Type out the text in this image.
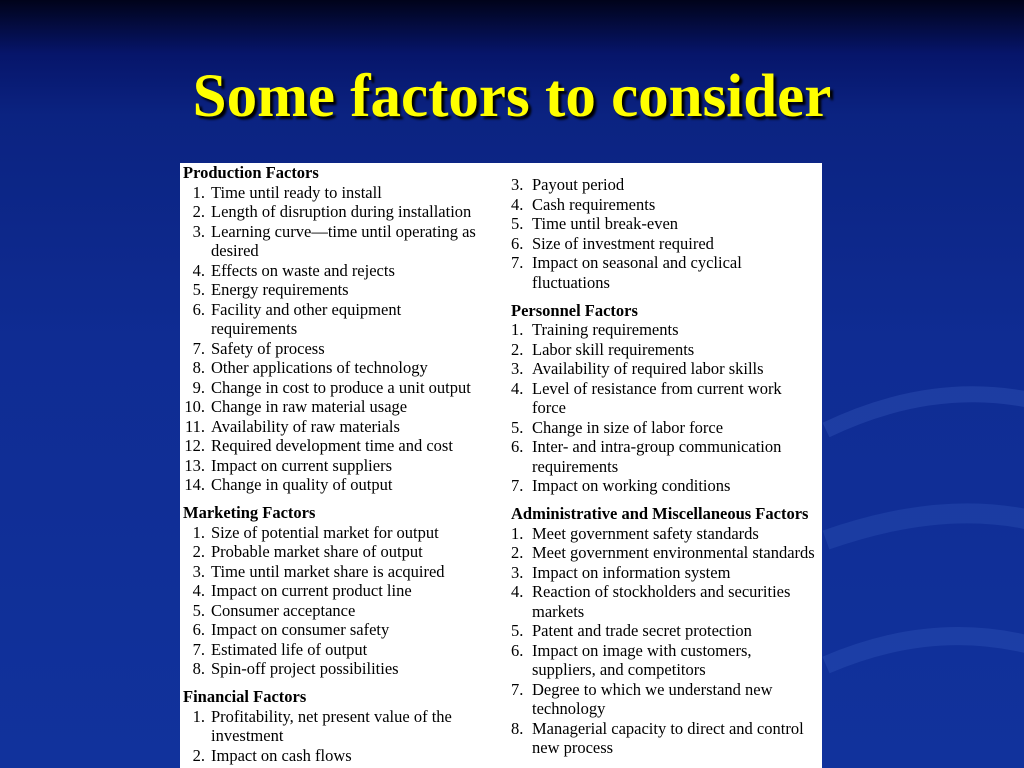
Some factors to consider
Production Factors
1. Time until ready to install
2. Length of disruption during installation
3. Learning curve—time until operating as
desired
4. Effects on waste and rejects
5. Energy requirements
6. Facility and other equipment
requirements
7. Safety of process
8. Other applications of technology
9. Change in cost to produce a unit output
10. Change in raw material usage
11. Availability of raw materials
12. Required development time and cost
13. Impact on current suppliers
14. Change in quality of output
Marketing Factors
1. Size of potential market for output
2. Probable market share of output
3. Time until market share is acquired
4. Impact on current product line
5. Consumer acceptance
6. Impact on consumer safety
7. Estimated life of output
8. Spin-off project possibilities
Financial Factors
1. Profitability, net present value of the
investment
2. Impact on cash flows
3. Payout period
4. Cash requirements
5. Time until break-even
6. Size of investment required
7. Impact on seasonal and cyclical
fluctuations
Personnel Factors
1. Training requirements
2. Labor skill requirements
3. Availability of required labor skills
4. Level of resistance from current work
force
5. Change in size of labor force
6. Inter- and intra-group communication
requirements
7. Impact on working conditions
Administrative and Miscellaneous Factors
1. Meet government safety standards
2. Meet government environmental standards
3. Impact on information system
4. Reaction of stockholders and securities
markets
5. Patent and trade secret protection
6. Impact on image with customers,
suppliers, and competitors
7. Degree to which we understand new
technology
8. Managerial capacity to direct and control
new process
